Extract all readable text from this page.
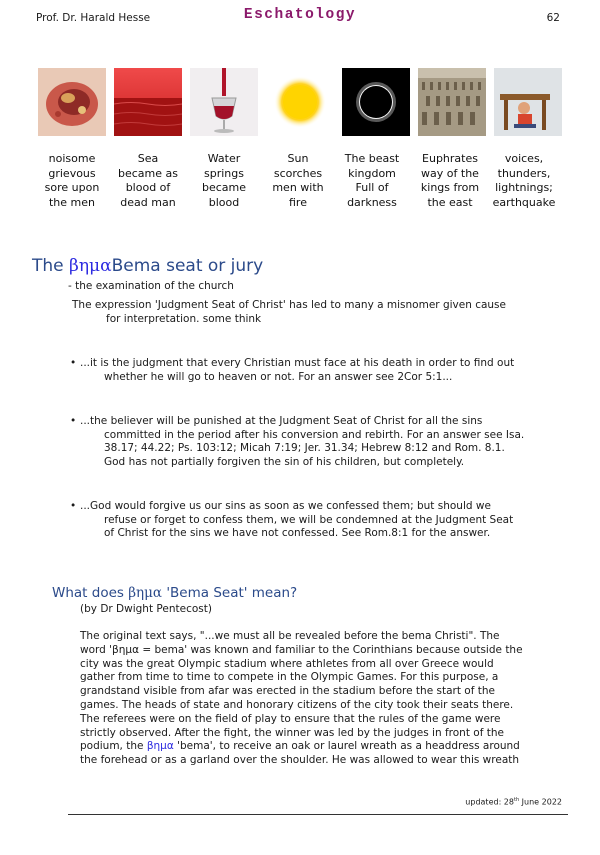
Prof. Dr. Harald Hesse	Eschatology	62
noisome
grievous
sore upon
the men
Sea
became as
blood of
dead man
Water
springs
became
blood
Sun
scorches
men with
fire
The beast
kingdom
Full of
darkness
Euphrates
way of the
kings from
the east
voices,
thunders,
lightnings;
earthquake
The βημαBema seat or jury
- the examination of the church
The expression 'Judgment Seat of Christ' has led to many a misnomer given cause
for interpretation. some think
• ...it is the judgment that every Christian must face at his death in order to find out
whether he will go to heaven or not. For an answer see 2Cor 5:1...
• ...the believer will be punished at the Judgment Seat of Christ for all the sins
committed in the period after his conversion and rebirth. For an answer see Isa.
38.17; 44.22; Ps. 103:12; Micah 7:19; Jer. 31.34; Hebrew 8:12 and Rom. 8.1.
God has not partially forgiven the sin of his children, but completely.
• ...God would forgive us our sins as soon as we confessed them; but should we
refuse or forget to confess them, we will be condemned at the Judgment Seat
of Christ for the sins we have not confessed. See Rom.8:1 for the answer.
What does βημα 'Bema Seat' mean?
(by Dr Dwight Pentecost)
The original text says, "...we must all be revealed before the bema Christi". The
word 'βημα = bema' was known and familiar to the Corinthians because outside the
city was the great Olympic stadium where athletes from all over Greece would
gather from time to time to compete in the Olympic Games. For this purpose, a
grandstand visible from afar was erected in the stadium before the start of the
games. The heads of state and honorary citizens of the city took their seats there.
The referees were on the field of play to ensure that the rules of the game were
strictly observed. After the fight, the winner was led by the judges in front of the
podium, the βημα 'bema', to receive an oak or laurel wreath as a headdress around
the forehead or as a garland over the shoulder. He was allowed to wear this wreath
updated: 28th June 2022
